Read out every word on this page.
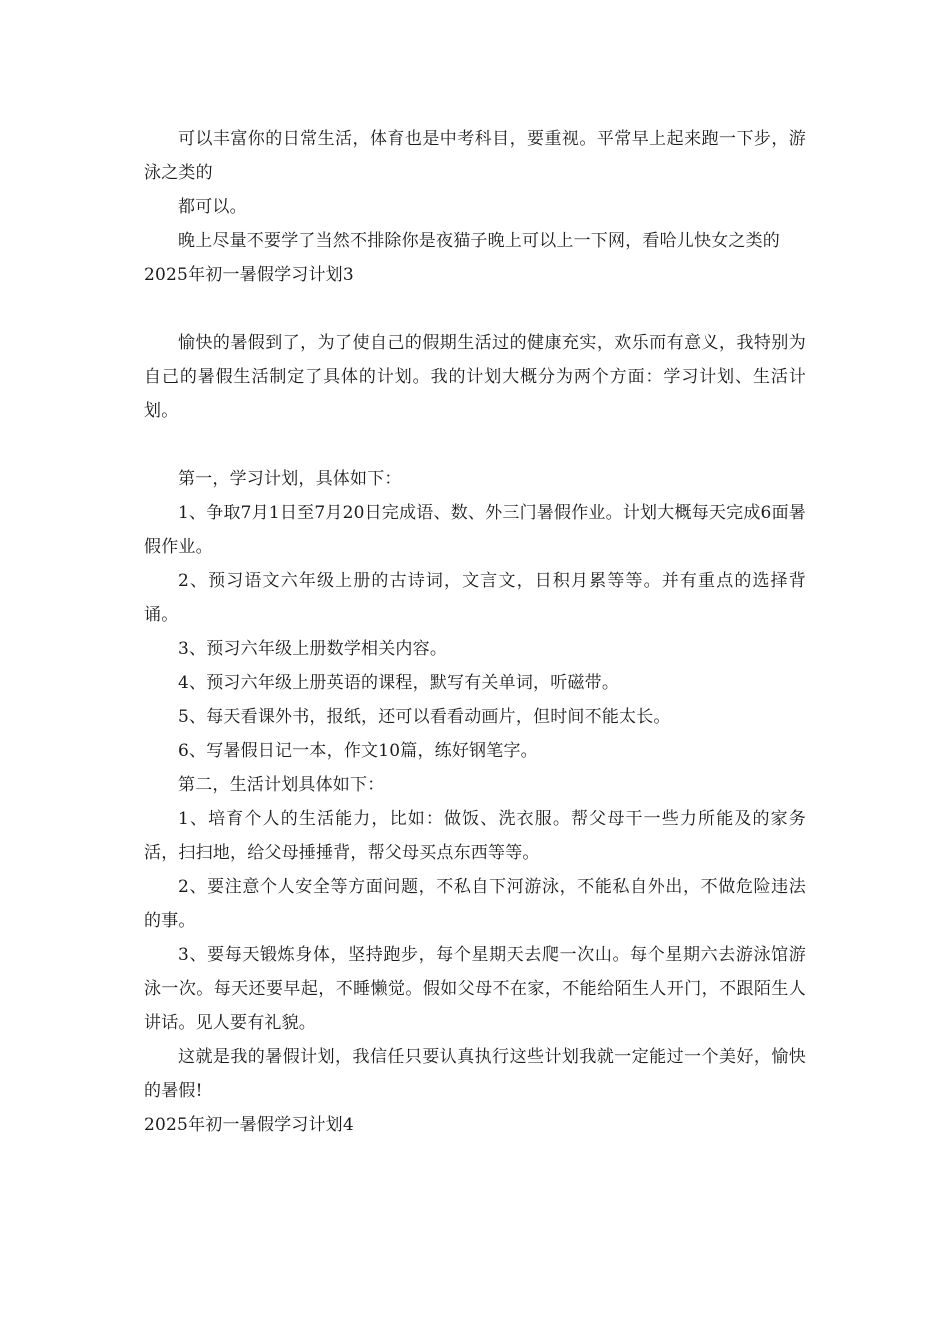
可以丰富你的日常生活，体育也是中考科目，要重视。平常早上起来跑一下步，游泳之类的

都可以。

晚上尽量不要学了当然不排除你是夜猫子晚上可以上一下网，看哈儿快女之类的

2025年初一暑假学习计划3

愉快的暑假到了，为了使自己的假期生活过的健康充实，欢乐而有意义，我特别为自己的暑假生活制定了具体的计划。我的计划大概分为两个方面：学习计划、生活计划。

第一，学习计划，具体如下：

1、争取7月1日至7月20日完成语、数、外三门暑假作业。计划大概每天完成6面暑假作业。

2、预习语文六年级上册的古诗词，文言文，日积月累等等。并有重点的选择背诵。

3、预习六年级上册数学相关内容。

4、预习六年级上册英语的课程，默写有关单词，听磁带。

5、每天看课外书，报纸，还可以看看动画片，但时间不能太长。

6、写暑假日记一本，作文10篇，练好钢笔字。

第二，生活计划具体如下：

1、培育个人的生活能力，比如：做饭、洗衣服。帮父母干一些力所能及的家务活，扫扫地，给父母捶捶背，帮父母买点东西等等。

2、要注意个人安全等方面问题，不私自下河游泳，不能私自外出，不做危险违法的事。

3、要每天锻炼身体，坚持跑步，每个星期天去爬一次山。每个星期六去游泳馆游泳一次。每天还要早起，不睡懒觉。假如父母不在家，不能给陌生人开门，不跟陌生人讲话。见人要有礼貌。

这就是我的暑假计划，我信任只要认真执行这些计划我就一定能过一个美好，愉快的暑假!

2025年初一暑假学习计划4
